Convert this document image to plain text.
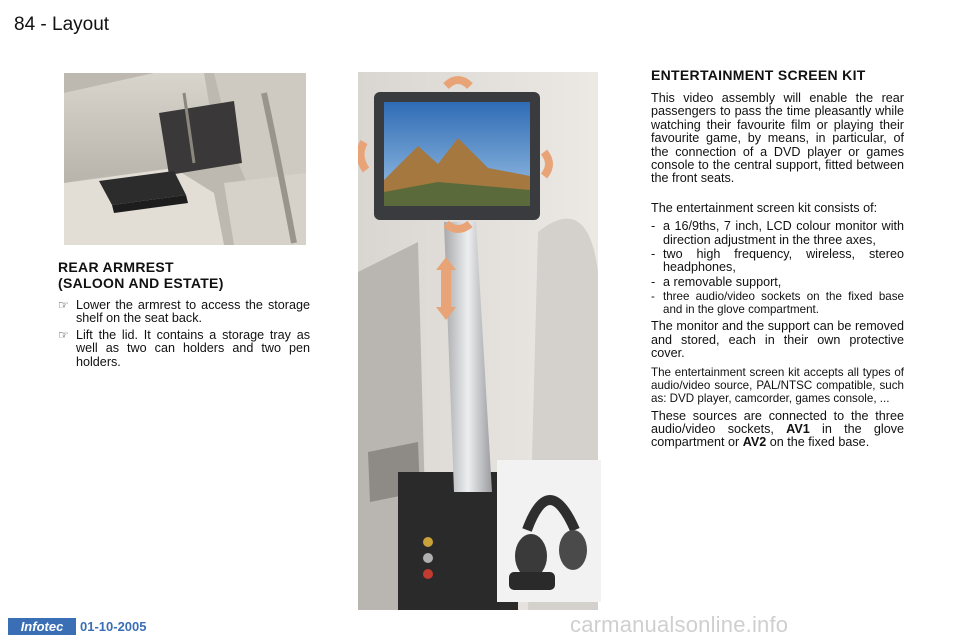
84 - Layout
REAR ARMREST
(SALOON AND ESTATE)
☞ Lower the armrest to access the storage shelf on the seat back.
☞ Lift the lid. It contains a storage tray as well as two can holders and two pen holders.
ENTERTAINMENT SCREEN KIT

This video assembly will enable the rear passengers to pass the time pleasantly while watching their favourite film or playing their favourite game, by means, in particular, of the connection of a DVD player or games console to the central support, fitted between the front seats.

The entertainment screen kit consists of:

- a 16/9ths, 7 inch, LCD colour monitor with direction adjustment in the three axes,
- two high frequency, wireless, stereo headphones,
- a removable support,
- three audio/video sockets on the fixed base and in the glove compartment.

The monitor and the support can be removed and stored, each in their own protective cover.

The entertainment screen kit accepts all types of audio/video source, PAL/NTSC compatible, such as: DVD player, camcorder, games console, ...

These sources are connected to the three audio/video sockets, AV1 in the glove compartment or AV2 on the fixed base.

Infotec	01-10-2005	carmanualsonline.info
